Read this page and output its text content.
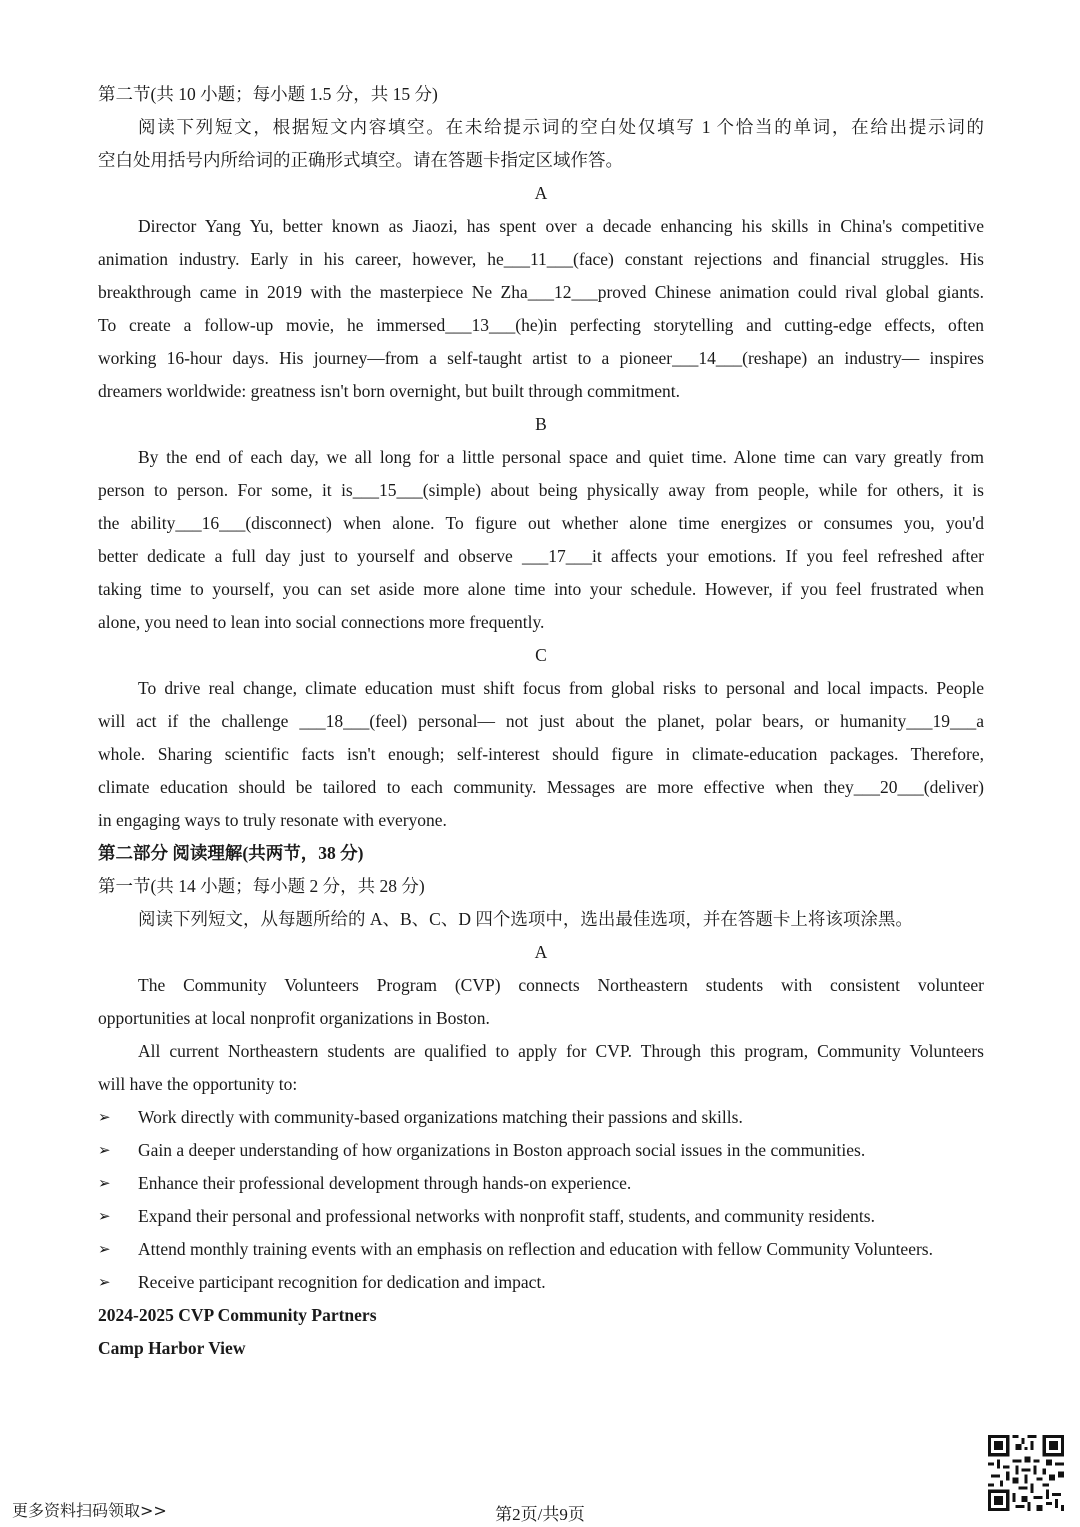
第二节(共 10 小题；每小题 1.5 分，共 15 分)
阅读下列短文，根据短文内容填空。在未给提示词的空白处仅填写 1 个恰当的单词，在给出提示词的
空白处用括号内所给词的正确形式填空。请在答题卡指定区域作答。
A
Director Yang Yu, better known as Jiaozi, has spent over a decade enhancing his skills in China's competitive
animation industry. Early in his career, however, he___11___(face) constant rejections and financial struggles. His
breakthrough came in 2019 with the masterpiece Ne Zha___12___proved Chinese animation could rival global giants.
To create a follow-up movie, he immersed___13___(he)in perfecting storytelling and cutting-edge effects, often
working 16-hour days. His journey—from a self-taught artist to a pioneer___14___(reshape) an industry— inspires
dreamers worldwide: greatness isn't born overnight, but built through commitment.
B
By the end of each day, we all long for a little personal space and quiet time. Alone time can vary greatly from
person to person. For some, it is___15___(simple) about being physically away from people, while for others, it is
the ability___16___(disconnect) when alone. To figure out whether alone time energizes or consumes you, you'd
better dedicate a full day just to yourself and observe ___17___it affects your emotions. If you feel refreshed after
taking time to yourself, you can set aside more alone time into your schedule. However, if you feel frustrated when
alone, you need to lean into social connections more frequently.
C
To drive real change, climate education must shift focus from global risks to personal and local impacts. People
will act if the challenge ___18___(feel) personal— not just about the planet, polar bears, or humanity___19___a
whole. Sharing scientific facts isn't enough; self-interest should figure in climate-education packages. Therefore,
climate education should be tailored to each community. Messages are more effective when they___20___(deliver)
in engaging ways to truly resonate with everyone.
第二部分 阅读理解(共两节，38 分)
第一节(共 14 小题；每小题 2 分，共 28 分)
阅读下列短文，从每题所给的 A、B、C、D 四个选项中，选出最佳选项，并在答题卡上将该项涂黑。
A
The Community Volunteers Program (CVP) connects Northeastern students with consistent volunteer
opportunities at local nonprofit organizations in Boston.
All current Northeastern students are qualified to apply for CVP. Through this program, Community Volunteers
will have the opportunity to:
➢	Work directly with community-based organizations matching their passions and skills.
➢	Gain a deeper understanding of how organizations in Boston approach social issues in the communities.
➢	Enhance their professional development through hands-on experience.
➢	Expand their personal and professional networks with nonprofit staff, students, and community residents.
➢	Attend monthly training events with an emphasis on reflection and education with fellow Community Volunteers.
➢	Receive participant recognition for dedication and impact.
2024-2025 CVP Community Partners
Camp Harbor View
更多资料扫码领取>>	第2页/共9页
